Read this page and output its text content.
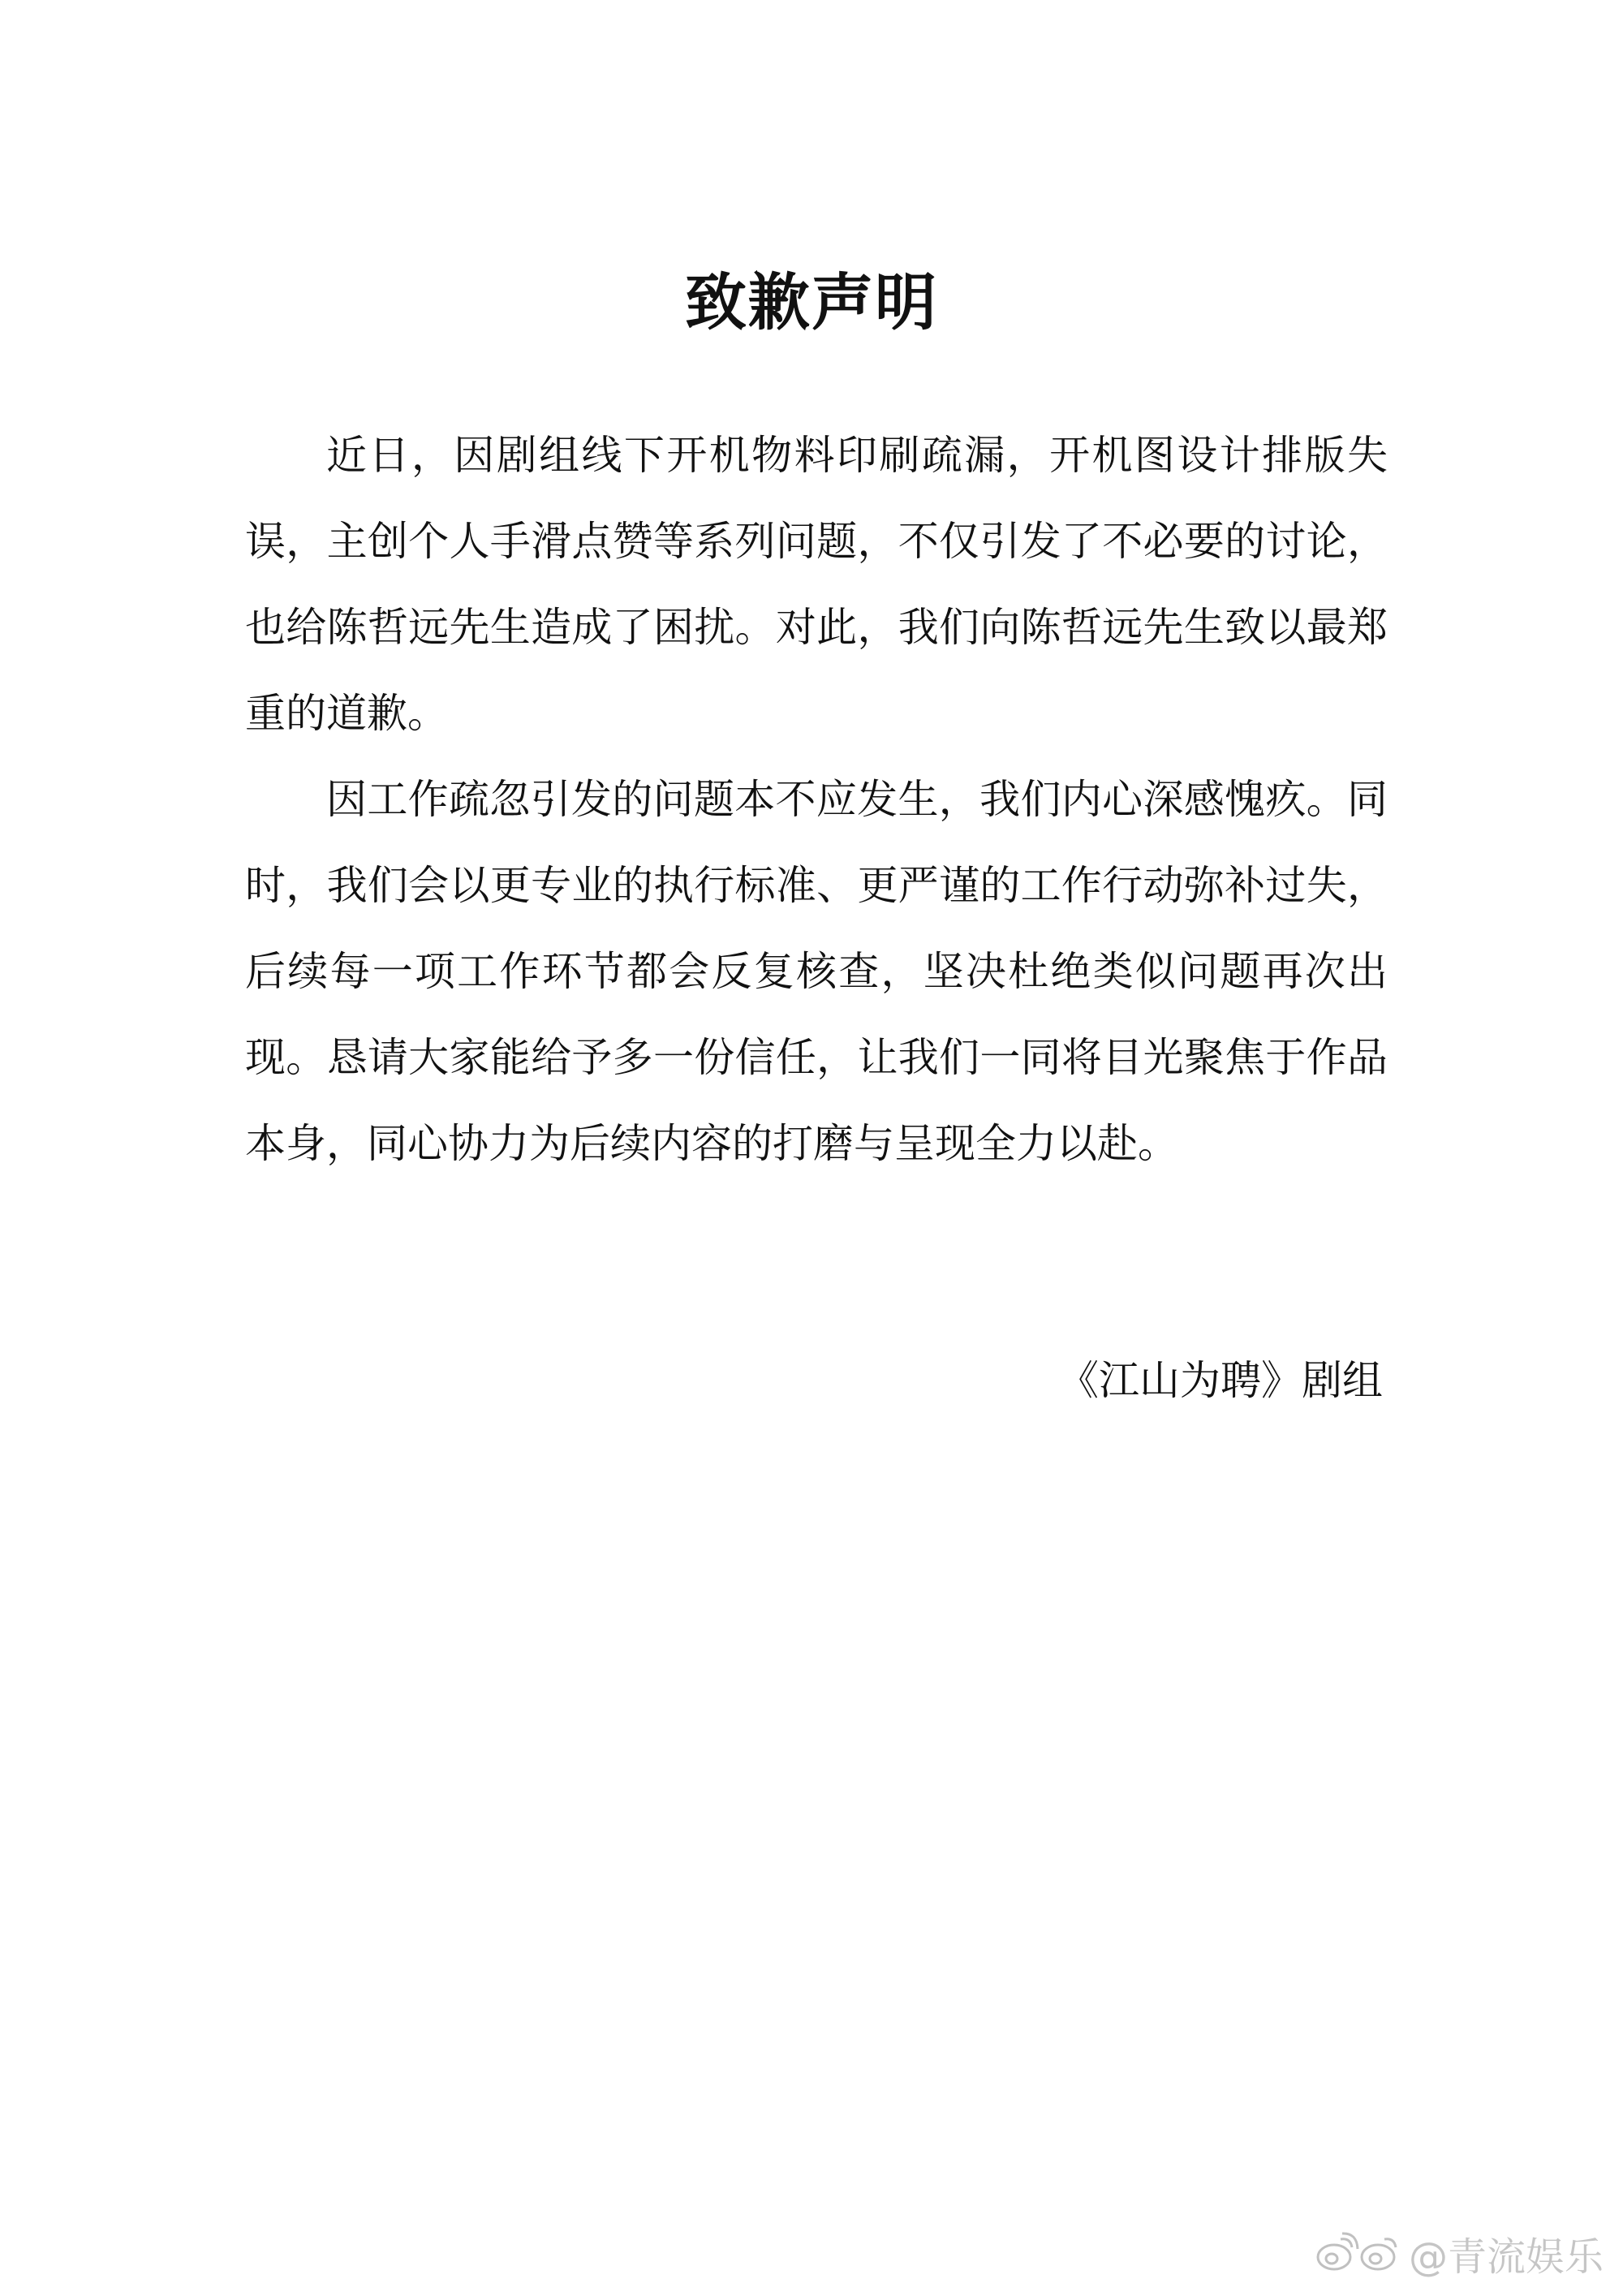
致歉声明

近日，因剧组线下开机物料印刷疏漏，开机图设计排版失误，主创个人手滑点赞等系列问题，不仅引发了不必要的讨论，也给陈哲远先生造成了困扰。对此，我们向陈哲远先生致以最郑重的道歉。

因工作疏忽引发的问题本不应发生，我们内心深感愧疚。同时，我们会以更专业的执行标准、更严谨的工作行动弥补过失，后续每一项工作环节都会反复核查，坚决杜绝类似问题再次出现。恳请大家能给予多一份信任，让我们一同将目光聚焦于作品本身，同心协力为后续内容的打磨与呈现全力以赴。

《江山为聘》剧组
@青流娱乐
